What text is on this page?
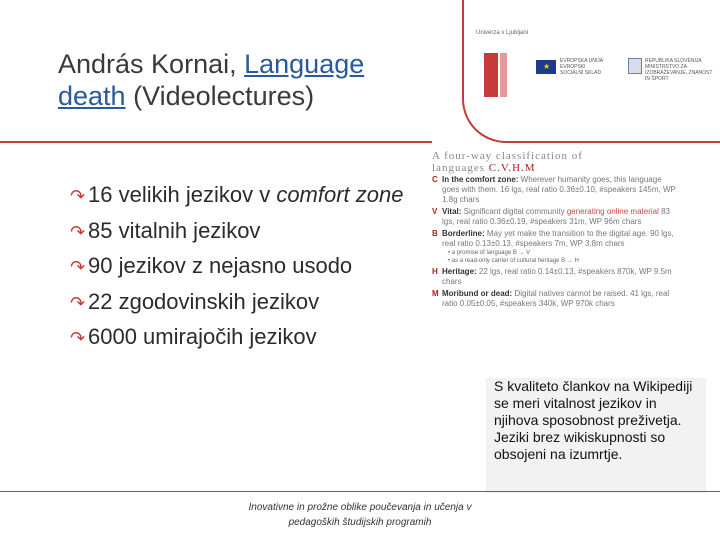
András Kornai, Language death (Videolectures)
Univerza v Ljubljani
★
EVROPSKA UNIJA EVROPSKI SOCIALNI SKLAD
REPUBLIKA SLOVENIJA MINISTRSTVO ZA IZOBRAŽEVANJE, ZNANOST IN ŠPORT
↷ 16 velikih jezikov v comfort zone
↷ 85 vitalnih jezikov
↷ 90 jezikov z nejasno usodo
↷ 22 zgodovinskih jezikov
↷ 6000 umirajočih jezikov
A four-way classification of
languages C.V.H.M
C In the comfort zone: Wherever humanity goes, this language goes with them. 16 lgs, real ratio 0.36±0.10, #speakers 145m, WP 1.8g chars
V Vital: Significant digital community generating online material 83 lgs, real ratio 0.36±0.19, #speakers 31m, WP 96m chars
B Borderline: May yet make the transition to the digital age. 90 lgs, real ratio 0.13±0.13, #speakers 7m, WP 3.8m chars
• a promise of language B → V
• as a read-only carrier of cultural heritage B → H
H Heritage: 22 lgs, real ratio 0.14±0.13, #speakers 870k, WP 9.5m chars
M Moribund or dead: Digital natives cannot be raised. 41 lgs, real ratio 0.05±0.05, #speakers 340k, WP 970k chars
S kvaliteto člankov na Wikipediji se meri vitalnost jezikov in njihova sposobnost preživetja. Jeziki brez wikiskupnosti so obsojeni na izumrtje.
Inovativne in prožne oblike poučevanja in učenja v pedagoških študijskih programih
